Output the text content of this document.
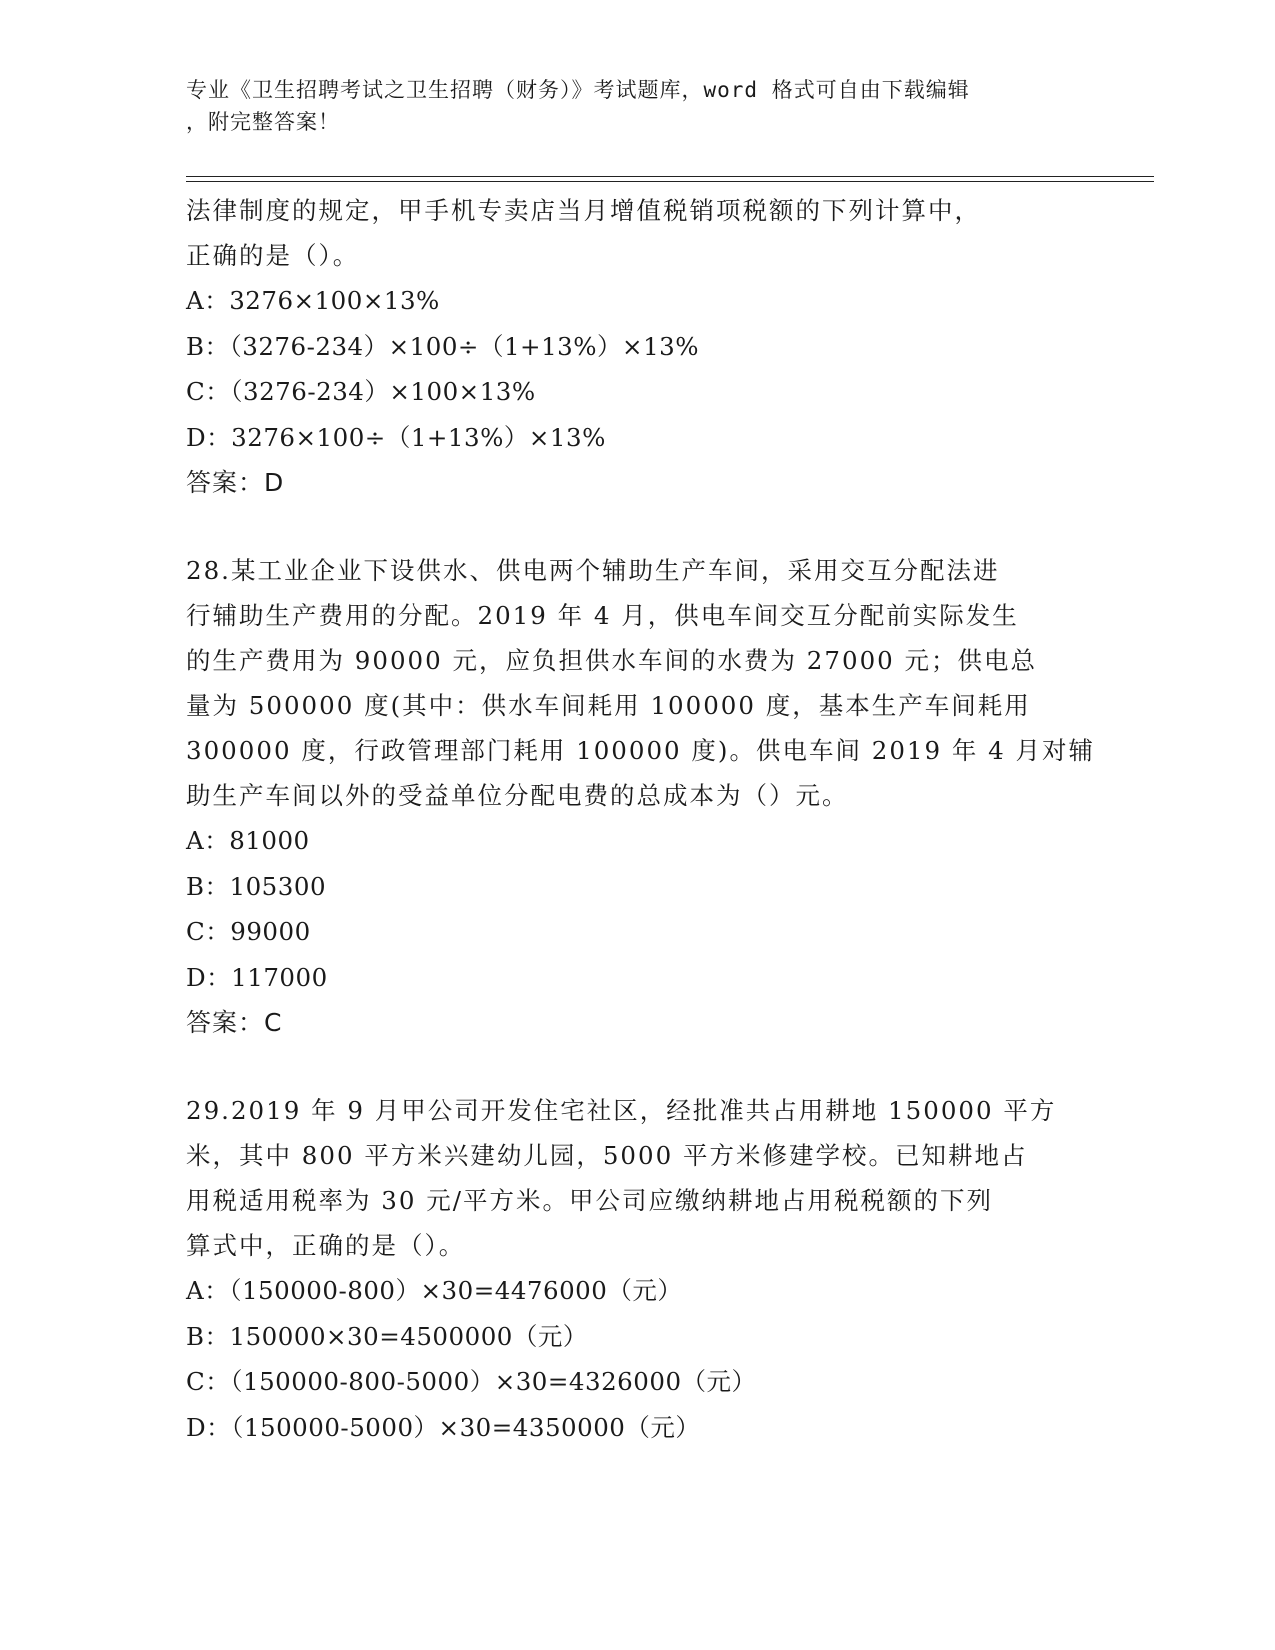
专业《卫生招聘考试之卫生招聘（财务）》考试题库，word 格式可自由下载编辑
，附完整答案！
法律制度的规定，甲手机专卖店当月增值税销项税额的下列计算中，
正确的是（）。
A：3276×100×13%
B：（3276-234）×100÷（1+13%）×13%
C：（3276-234）×100×13%
D：3276×100÷（1+13%）×13%
答案：D
28.某工业企业下设供水、供电两个辅助生产车间，采用交互分配法进
行辅助生产费用的分配。2019 年 4 月，供电车间交互分配前实际发生
的生产费用为 90000 元，应负担供水车间的水费为 27000 元；供电总
量为 500000 度(其中：供水车间耗用 100000 度，基本生产车间耗用
300000 度，行政管理部门耗用 100000 度)。供电车间 2019 年 4 月对辅
助生产车间以外的受益单位分配电费的总成本为（）元。
A：81000
B：105300
C：99000
D：117000
答案：C
29.2019 年 9 月甲公司开发住宅社区，经批准共占用耕地 150000 平方
米，其中 800 平方米兴建幼儿园，5000 平方米修建学校。已知耕地占
用税适用税率为 30 元/平方米。甲公司应缴纳耕地占用税税额的下列
算式中，正确的是（）。
A：（150000-800）×30=4476000（元）
B：150000×30=4500000（元）
C：（150000-800-5000）×30=4326000（元）
D：（150000-5000）×30=4350000（元）
